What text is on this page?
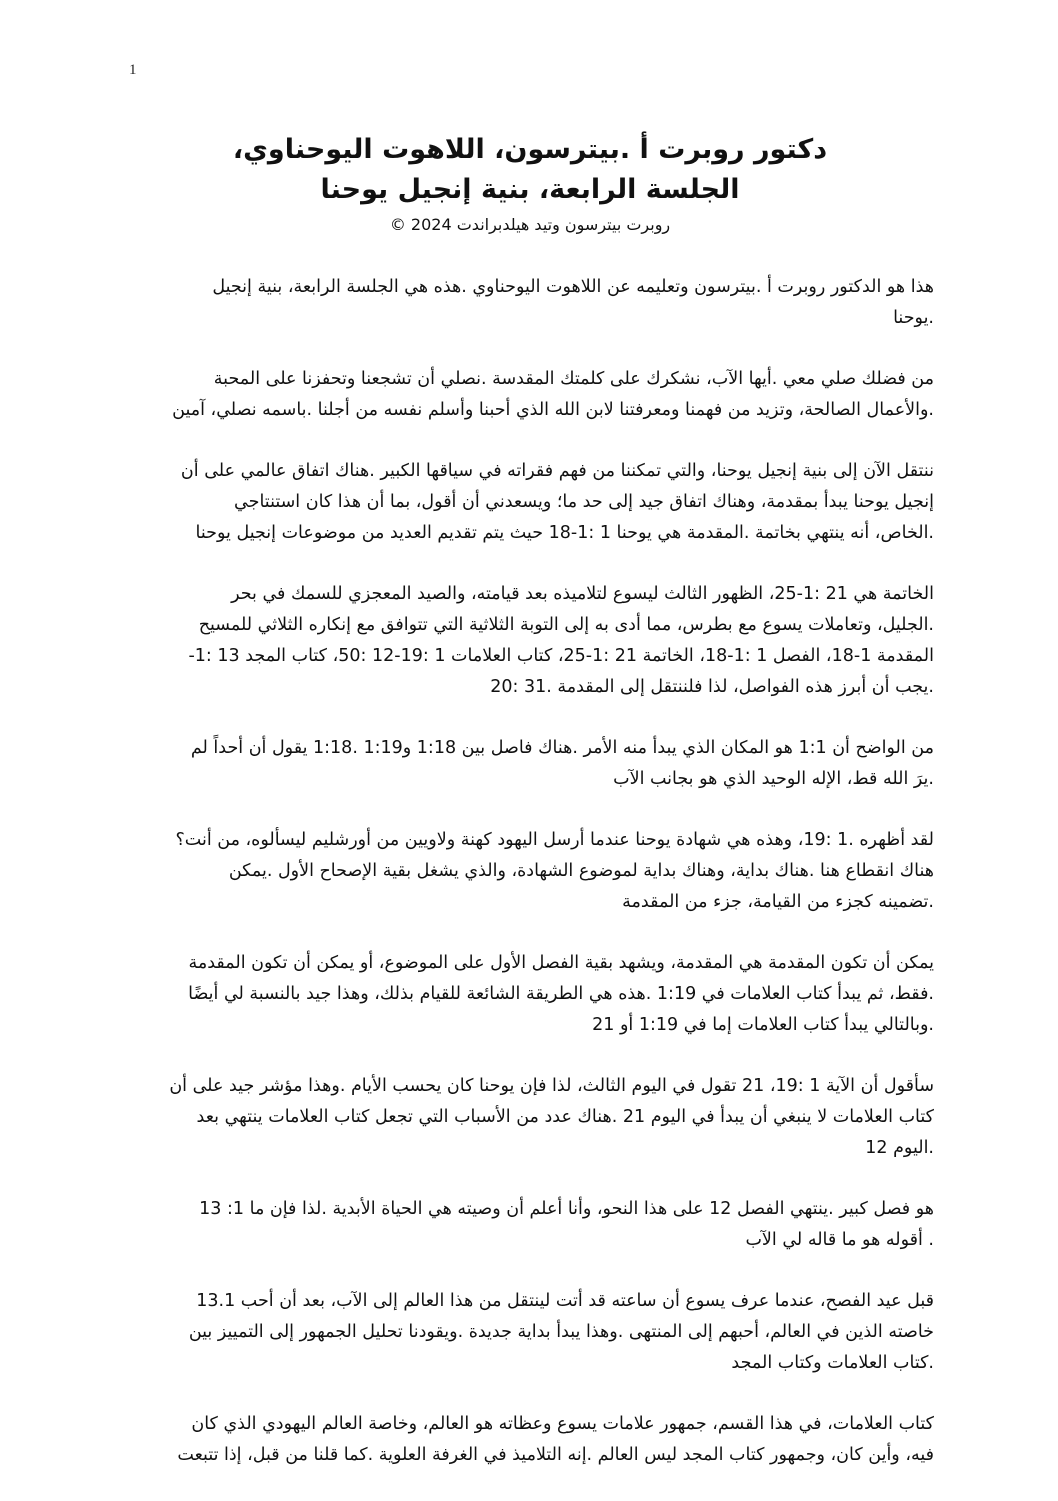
1
دكتور روبرت أ .بيترسون، اللاهوت اليوحناوي،
الجلسة الرابعة، بنية إنجيل يوحنا
روبرت بيترسون وتيد هيلدبراندت 2024 ©

هذا هو الدكتور روبرت أ .بيترسون وتعليمه عن اللاهوت اليوحناوي .هذه هي الجلسة الرابعة، بنية إنجيل
.يوحنا

من فضلك صلي معي .أيها الآب، نشكرك على كلمتك المقدسة .نصلي أن تشجعنا وتحفزنا على المحبة
.والأعمال الصالحة، وتزيد من فهمنا ومعرفتنا لابن الله الذي أحبنا وأسلم نفسه من أجلنا .باسمه نصلي، آمين

ننتقل الآن إلى بنية إنجيل يوحنا، والتي تمكننا من فهم فقراته في سياقها الكبير .هناك اتفاق عالمي على أن
إنجيل يوحنا يبدأ بمقدمة، وهناك اتفاق جيد إلى حد ما؛ ويسعدني أن أقول، بما أن هذا كان استنتاجي
.الخاص، أنه ينتهي بخاتمة .المقدمة هي يوحنا 1 :1-18 حيث يتم تقديم العديد من موضوعات إنجيل يوحنا

الخاتمة هي 21 :1-25، الظهور الثالث ليسوع لتلاميذه بعد قيامته، والصيد المعجزي للسمك في بحر
.الجليل، وتعاملات يسوع مع بطرس، مما أدى به إلى التوبة الثلاثية التي تتوافق مع إنكاره الثلاثي للمسيح
المقدمة 1-18، الفصل 1 :1-18، الخاتمة 21 :1-25، كتاب العلامات 1 :19-12 :50، كتاب المجد 13 :1-
.يجب أن أبرز هذه الفواصل، لذا فلننتقل إلى المقدمة .31 :20

من الواضح أن 1:1 هو المكان الذي يبدأ منه الأمر .هناك فاصل بين 1:18 و1:19 .1:18 يقول أن أحداً لم
.يرَ الله قط، الإله الوحيد الذي هو بجانب الآب

لقد أظهره .1 :19، وهذه هي شهادة يوحنا عندما أرسل اليهود كهنة ولاويين من أورشليم ليسألوه، من أنت؟
هناك انقطاع هنا .هناك بداية، وهناك بداية لموضوع الشهادة، والذي يشغل بقية الإصحاح الأول .يمكن
.تضمينه كجزء من القيامة، جزء من المقدمة

يمكن أن تكون المقدمة هي المقدمة، ويشهد بقية الفصل الأول على الموضوع، أو يمكن أن تكون المقدمة
.فقط، ثم يبدأ كتاب العلامات في 1:19 .هذه هي الطريقة الشائعة للقيام بذلك، وهذا جيد بالنسبة لي أيضًا
.وبالتالي يبدأ كتاب العلامات إما في 1:19 أو 21

سأقول أن الآية 1 :19، 21 تقول في اليوم الثالث، لذا فإن يوحنا كان يحسب الأيام .وهذا مؤشر جيد على أن
كتاب العلامات لا ينبغي أن يبدأ في اليوم 21 .هناك عدد من الأسباب التي تجعل كتاب العلامات ينتهي بعد
.اليوم 12

هو فصل كبير .ينتهي الفصل 12 على هذا النحو، وأنا أعلم أن وصيته هي الحياة الأبدية .لذا فإن ما 1: 13
. أقوله هو ما قاله لي الآب

قبل عيد الفصح، عندما عرف يسوع أن ساعته قد أتت لينتقل من هذا العالم إلى الآب، بعد أن أحب 13.1
خاصته الذين في العالم، أحبهم إلى المنتهى .وهذا يبدأ بداية جديدة .ويقودنا تحليل الجمهور إلى التمييز بين
.كتاب العلامات وكتاب المجد

كتاب العلامات، في هذا القسم، جمهور علامات يسوع وعظاته هو العالم، وخاصة العالم اليهودي الذي كان
فيه، وأين كان، وجمهور كتاب المجد ليس العالم .إنه التلاميذ في الغرفة العلوية .كما قلنا من قبل، إذا تتبعت
